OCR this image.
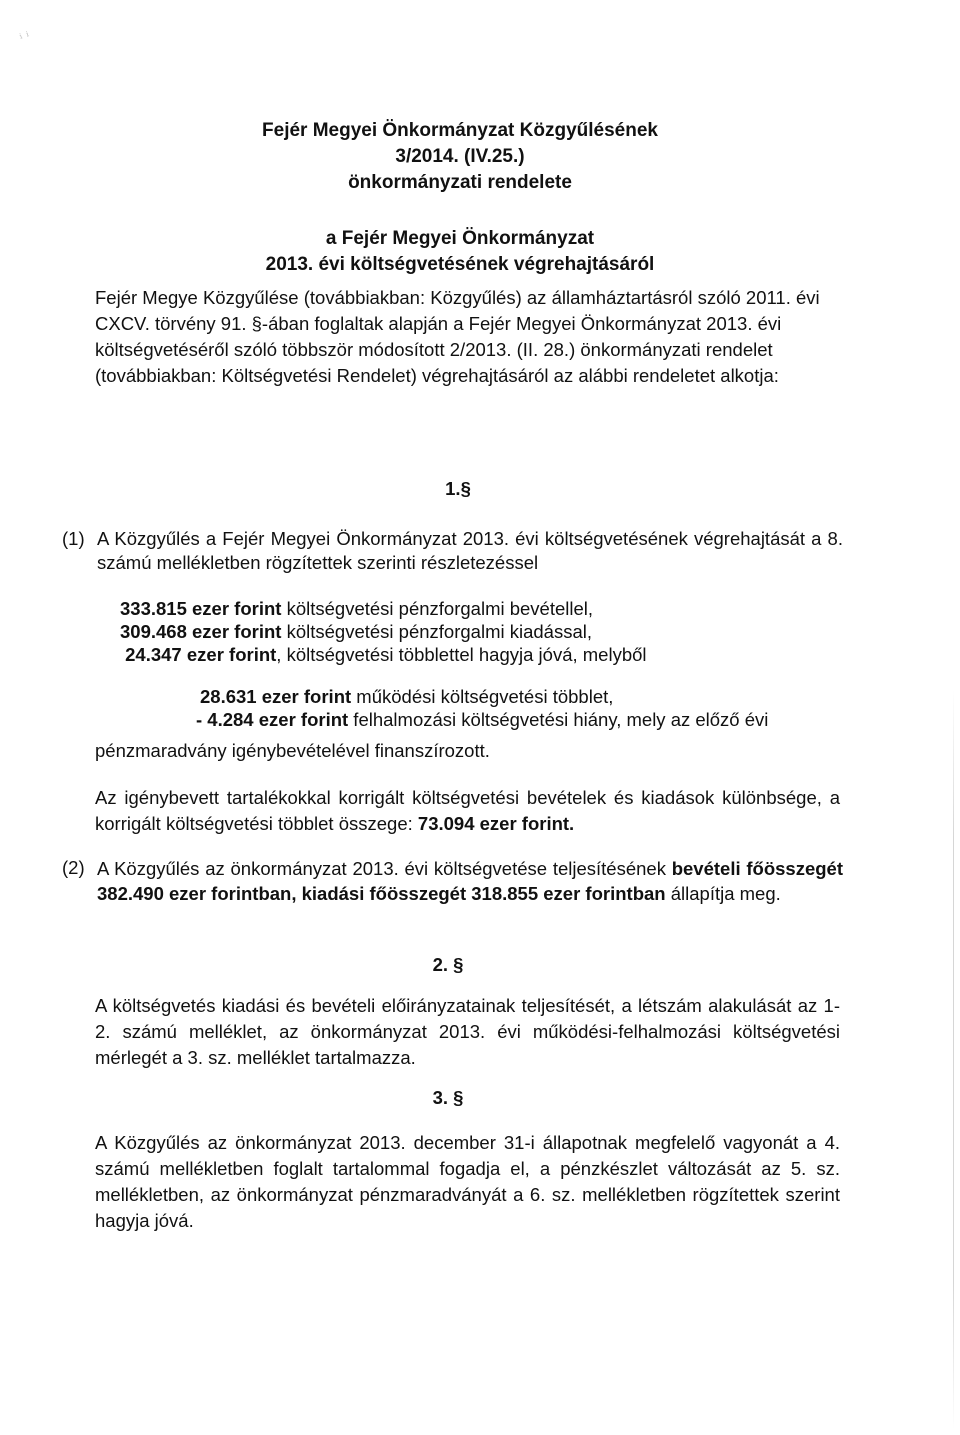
ⁱ ⁱ
Fejér Megyei Önkormányzat Közgyűlésének
3/2014. (IV.25.)
önkormányzati rendelete
a Fejér Megyei Önkormányzat
2013. évi költségvetésének végrehajtásáról
Fejér Megye Közgyűlése (továbbiakban: Közgyűlés) az államháztartásról szóló 2011. évi CXCV. törvény 91. §-ában foglaltak alapján a Fejér Megyei Önkormányzat 2013. évi költségvetéséről szóló többször módosított 2/2013. (II. 28.) önkormányzati rendelet (továbbiakban: Költségvetési Rendelet) végrehajtásáról az alábbi rendeletet alkotja:
1.§
(1) A Közgyűlés a Fejér Megyei Önkormányzat 2013. évi költségvetésének végrehajtását a 8. számú mellékletben rögzítettek szerinti részletezéssel
333.815 ezer forint költségvetési pénzforgalmi bevétellel,
309.468 ezer forint költségvetési pénzforgalmi kiadással,
24.347 ezer forint, költségvetési többlettel hagyja jóvá, melyből
28.631 ezer forint működési költségvetési többlet,
- 4.284 ezer forint felhalmozási költségvetési hiány, mely az előző évi
pénzmaradvány igénybevételével finanszírozott.
Az igénybevett tartalékokkal korrigált költségvetési bevételek és kiadások különbsége, a korrigált költségvetési többlet összege: 73.094 ezer forint.
(2) A Közgyűlés az önkormányzat 2013. évi költségvetése teljesítésének bevételi főösszegét 382.490 ezer forintban, kiadási főösszegét 318.855 ezer forintban állapítja meg.
2. §
A költségvetés kiadási és bevételi előirányzatainak teljesítését, a létszám alakulását az 1-2. számú melléklet, az önkormányzat 2013. évi működési-felhalmozási költségvetési mérlegét a 3. sz. melléklet tartalmazza.
3. §
A Közgyűlés az önkormányzat 2013. december 31-i állapotnak megfelelő vagyonát a 4. számú mellékletben foglalt tartalommal fogadja el, a pénzkészlet változását az 5. sz. mellékletben, az önkormányzat pénzmaradványát a 6. sz. mellékletben rögzítettek szerint hagyja jóvá.
